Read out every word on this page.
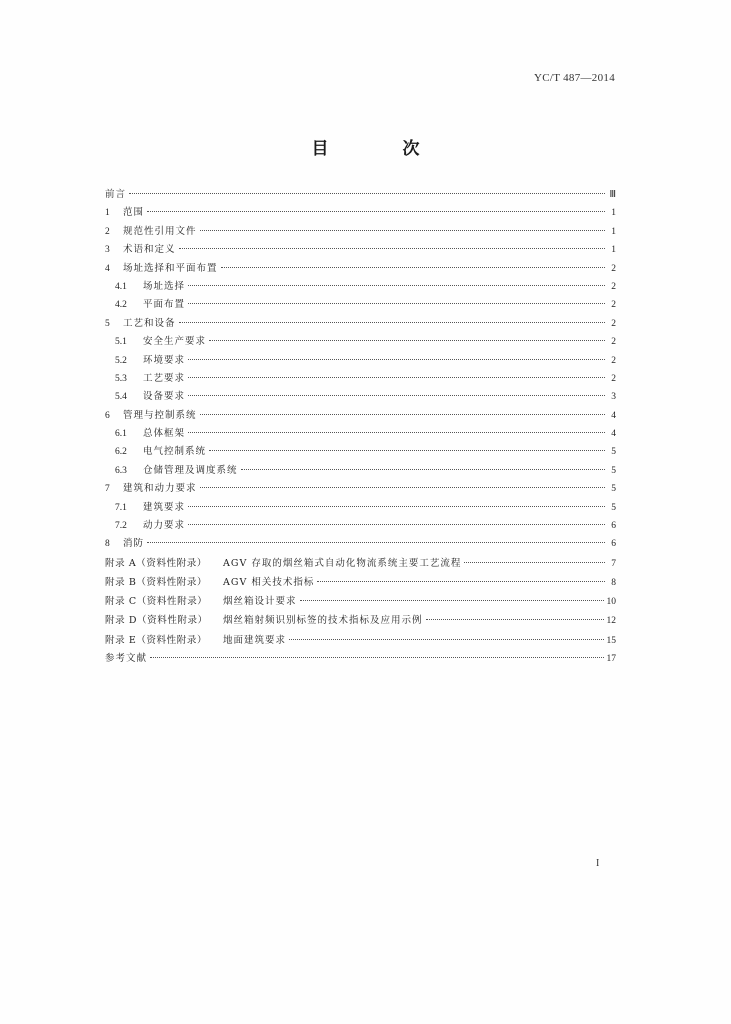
YC/T 487—2014
目 次
前言	Ⅲ
1	范围	1
2	规范性引用文件	1
3	术语和定义	1
4	场址选择和平面布置	2
4.1	场址选择	2
4.2	平面布置	2
5	工艺和设备	2
5.1	安全生产要求	2
5.2	环境要求	2
5.3	工艺要求	2
5.4	设备要求	3
6	管理与控制系统	4
6.1	总体框架	4
6.2	电气控制系统	5
6.3	仓储管理及调度系统	5
7	建筑和动力要求	5
7.1	建筑要求	5
7.2	动力要求	6
8	消防	6
附录 A（资料性附录）	AGV 存取的烟丝箱式自动化物流系统主要工艺流程	7
附录 B（资料性附录）	AGV 相关技术指标	8
附录 C（资料性附录）	烟丝箱设计要求	10
附录 D（资料性附录）	烟丝箱射频识别标签的技术指标及应用示例	12
附录 E（资料性附录）	地面建筑要求	15
参考文献	17
I
